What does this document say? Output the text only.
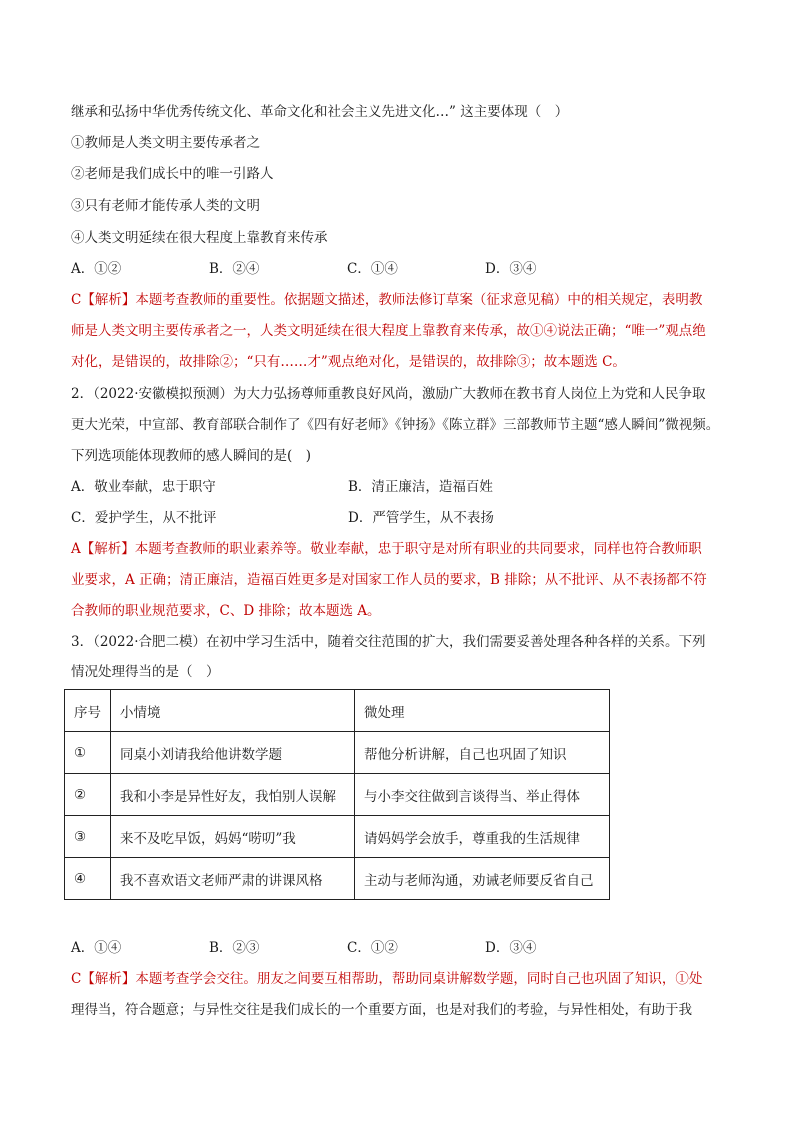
继承和弘扬中华优秀传统文化、革命文化和社会主义先进文化…” 这主要体现（　）
①教师是人类文明主要传承者之
②老师是我们成长中的唯一引路人
③只有老师才能传承人类的文明
④人类文明延续在很大程度上靠教育来传承
A．①②	B．②④	C．①④	D．③④
C【解析】本题考查教师的重要性。依据题文描述，教师法修订草案（征求意见稿）中的相关规定，表明教
师是人类文明主要传承者之一，人类文明延续在很大程度上靠教育来传承，故①④说法正确；“唯一”观点绝
对化，是错误的，故排除②；“只有……才”观点绝对化，是错误的，故排除③；故本题选 C。
2．（2022·安徽模拟预测）为大力弘扬尊师重教良好风尚，激励广大教师在教书育人岗位上为党和人民争取
更大光荣，中宣部、教育部联合制作了《四有好老师》《钟扬》《陈立群》三部教师节主题“感人瞬间”微视频。
下列选项能体现教师的感人瞬间的是(　)
A．敬业奉献，忠于职守	B．清正廉洁，造福百姓
C．爱护学生，从不批评	D．严管学生，从不表扬
A【解析】本题考查教师的职业素养等。敬业奉献，忠于职守是对所有职业的共同要求，同样也符合教师职
业要求，A 正确；清正廉洁，造福百姓更多是对国家工作人员的要求，B 排除；从不批评、从不表扬都不符
合教师的职业规范要求，C、D 排除；故本题选 A。
3．（2022·合肥二模）在初中学习生活中，随着交往范围的扩大，我们需要妥善处理各种各样的关系。下列
情况处理得当的是（　）
序号	小情境	微处理
①	同桌小刘请我给他讲数学题	帮他分析讲解，自己也巩固了知识
②	我和小李是异性好友，我怕别人误解	与小李交往做到言谈得当、举止得体
③	来不及吃早饭，妈妈“唠叨”我	请妈妈学会放手，尊重我的生活规律
④	我不喜欢语文老师严肃的讲课风格	主动与老师沟通，劝诫老师要反省自己
A．①④	B．②③	C．①②	D．③④
C【解析】本题考查学会交往。朋友之间要互相帮助，帮助同桌讲解数学题，同时自己也巩固了知识，①处
理得当，符合题意；与异性交往是我们成长的一个重要方面，也是对我们的考验，与异性相处，有助于我
